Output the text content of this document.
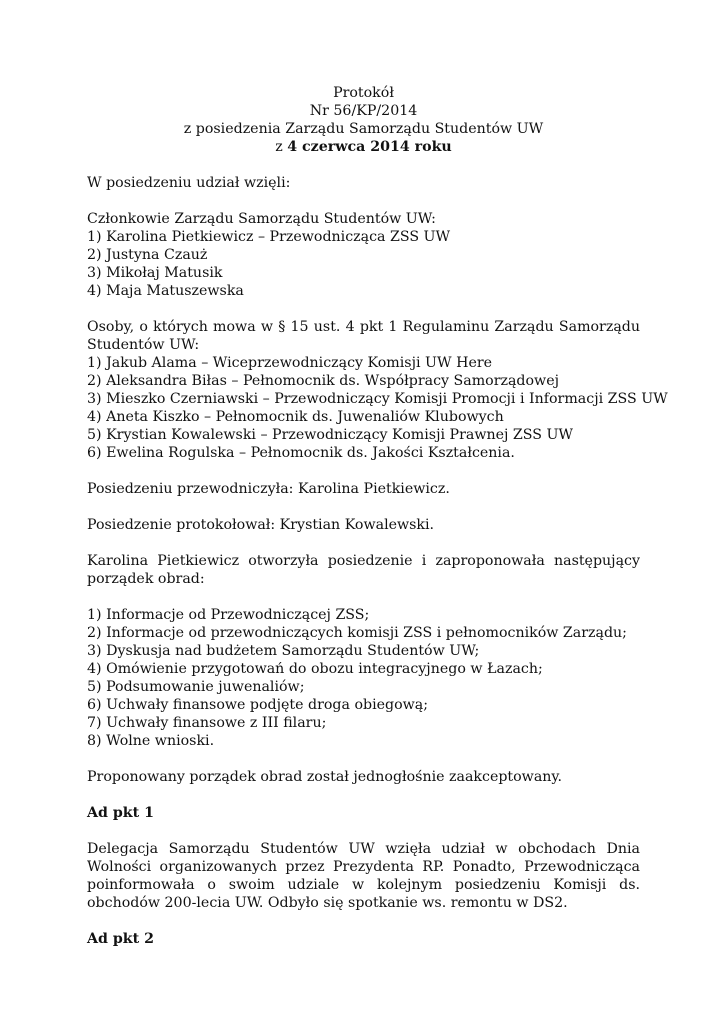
Protokół
Nr 56/KP/2014
z posiedzenia Zarządu Samorządu Studentów UW
z 4 czerwca 2014 roku

W posiedzeniu udział wzięli:

Członkowie Zarządu Samorządu Studentów UW:
1) Karolina Pietkiewicz – Przewodnicząca ZSS UW
2) Justyna Czauż
3) Mikołaj Matusik
4) Maja Matuszewska
Osoby, o których mowa w § 15 ust. 4 pkt 1 Regulaminu Zarządu Samorządu Studentów UW:
1) Jakub Alama – Wiceprzewodniczący Komisji UW Here
2) Aleksandra Biłas – Pełnomocnik ds. Współpracy Samorządowej
3) Mieszko Czerniawski – Przewodniczący Komisji Promocji i Informacji ZSS UW
4) Aneta Kiszko – Pełnomocnik ds. Juwenaliów Klubowych
5) Krystian Kowalewski – Przewodniczący Komisji Prawnej ZSS UW
6) Ewelina Rogulska – Pełnomocnik ds. Jakości Kształcenia.

Posiedzeniu przewodniczyła: Karolina Pietkiewicz.

Posiedzenie protokołował: Krystian Kowalewski.

Karolina Pietkiewicz otworzyła posiedzenie i zaproponowała następujący porządek obrad:

1) Informacje od Przewodniczącej ZSS;
2) Informacje od przewodniczących komisji ZSS i pełnomocników Zarządu;
3) Dyskusja nad budżetem Samorządu Studentów UW;
4) Omówienie przygotowań do obozu integracyjnego w Łazach;
5) Podsumowanie juwenaliów;
6) Uchwały finansowe podjęte droga obiegową;
7) Uchwały finansowe z III filaru;
8) Wolne wnioski.

Proponowany porządek obrad został jednogłośnie zaakceptowany.

Ad pkt 1

Delegacja Samorządu Studentów UW wzięła udział w obchodach Dnia Wolności organizowanych przez Prezydenta RP. Ponadto, Przewodnicząca poinformowała o swoim udziale w kolejnym posiedzeniu Komisji ds. obchodów 200-lecia UW. Odbyło się spotkanie ws. remontu w DS2.

Ad pkt 2
